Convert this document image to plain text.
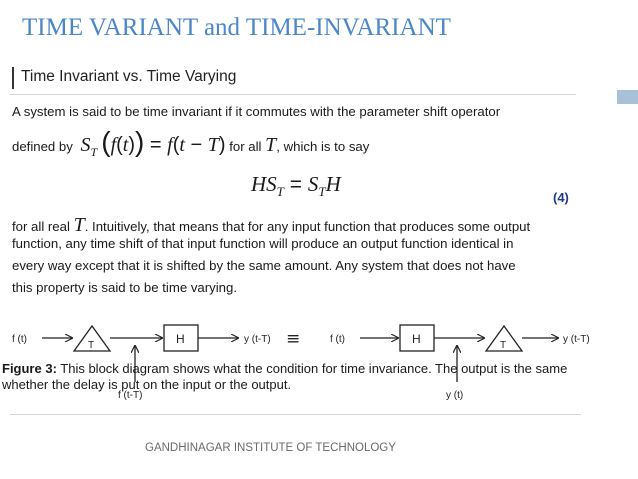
TIME VARIANT and TIME-INVARIANT
Time Invariant vs. Time Varying
A system is said to be time invariant if it commutes with the parameter shift operator
defined by $S_T$  (f(t)) = f(t − T) for all T, which is to say
$HS_T = S_TH$
(4)
for all real T. Intuitively, that means that for any input function that produces some output
function, any time shift of that input function will produce an output function identical in
every way except that it is shifted by the same amount. Any system that does not have
this property is said to be time varying.
f (t)
T
f (t-T)
H	y (t-T) ≡	f (t)	H
y (t)
T
y (t-T)
Figure 3: This block diagram shows what the condition for time invariance. The output is the same whether the delay is put on the input or the output.
GANDHINAGAR INSTITUTE OF TECHNOLOGY
